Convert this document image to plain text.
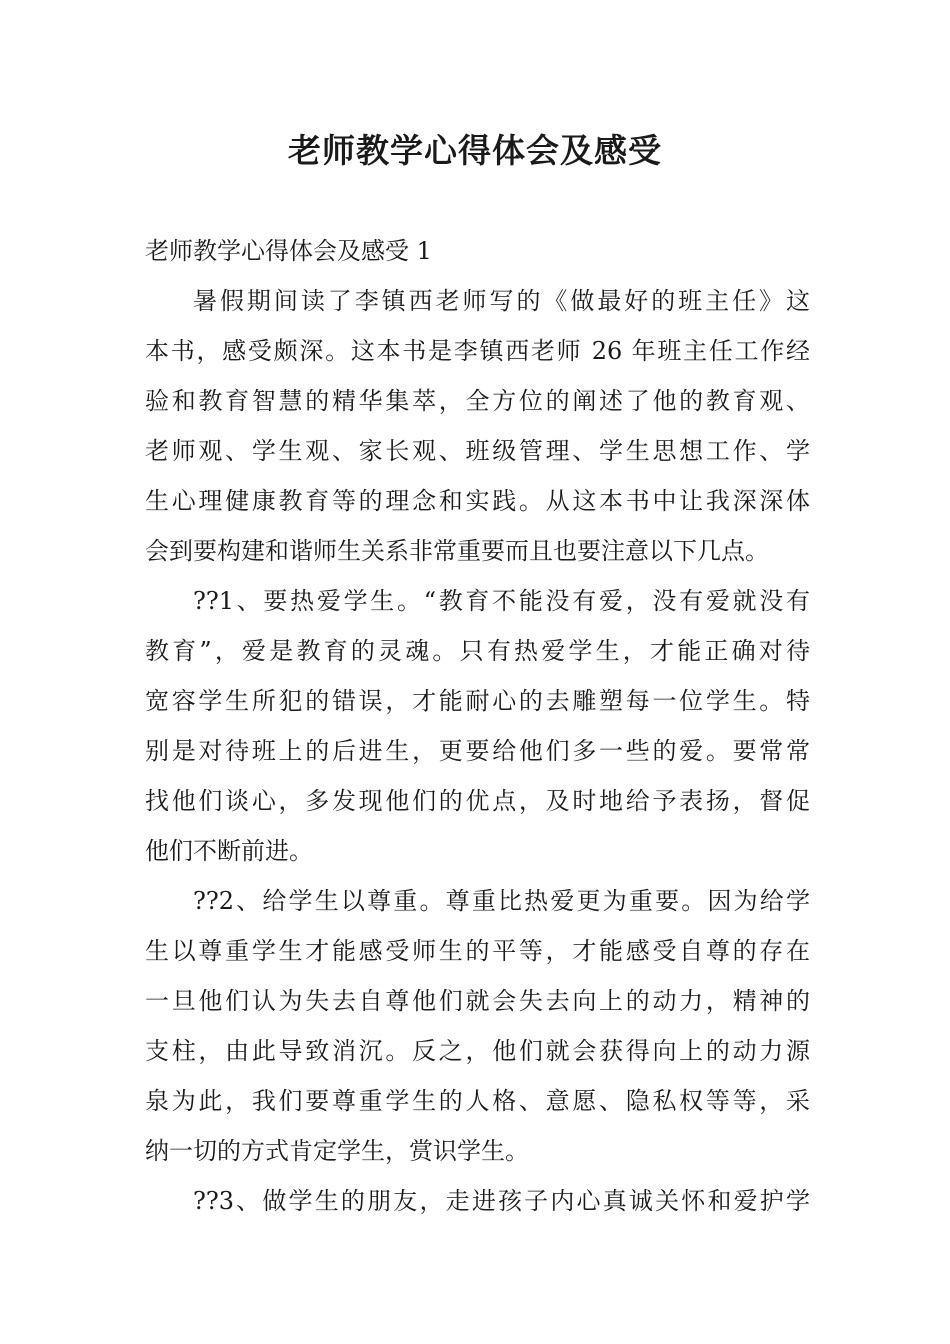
老师教学心得体会及感受

老师教学心得体会及感受 1

暑假期间读了李镇西老师写的《做最好的班主任》这
本书，感受颇深。这本书是李镇西老师 26 年班主任工作经
验和教育智慧的精华集萃，全方位的阐述了他的教育观、
老师观、学生观、家长观、班级管理、学生思想工作、学
生心理健康教育等的理念和实践。从这本书中让我深深体
会到要构建和谐师生关系非常重要而且也要注意以下几点。

??1、要热爱学生。“教育不能没有爱，没有爱就没有
教育”，爱是教育的灵魂。只有热爱学生，才能正确对待
宽容学生所犯的错误，才能耐心的去雕塑每一位学生。特
别是对待班上的后进生，更要给他们多一些的爱。要常常
找他们谈心，多发现他们的优点，及时地给予表扬，督促
他们不断前进。

??2、给学生以尊重。尊重比热爱更为重要。因为给学
生以尊重学生才能感受师生的平等，才能感受自尊的存在
一旦他们认为失去自尊他们就会失去向上的动力，精神的
支柱，由此导致消沉。反之，他们就会获得向上的动力源
泉为此，我们要尊重学生的人格、意愿、隐私权等等，采
纳一切的方式肯定学生，赏识学生。

??3、做学生的朋友，走进孩子内心真诚关怀和爱护学
